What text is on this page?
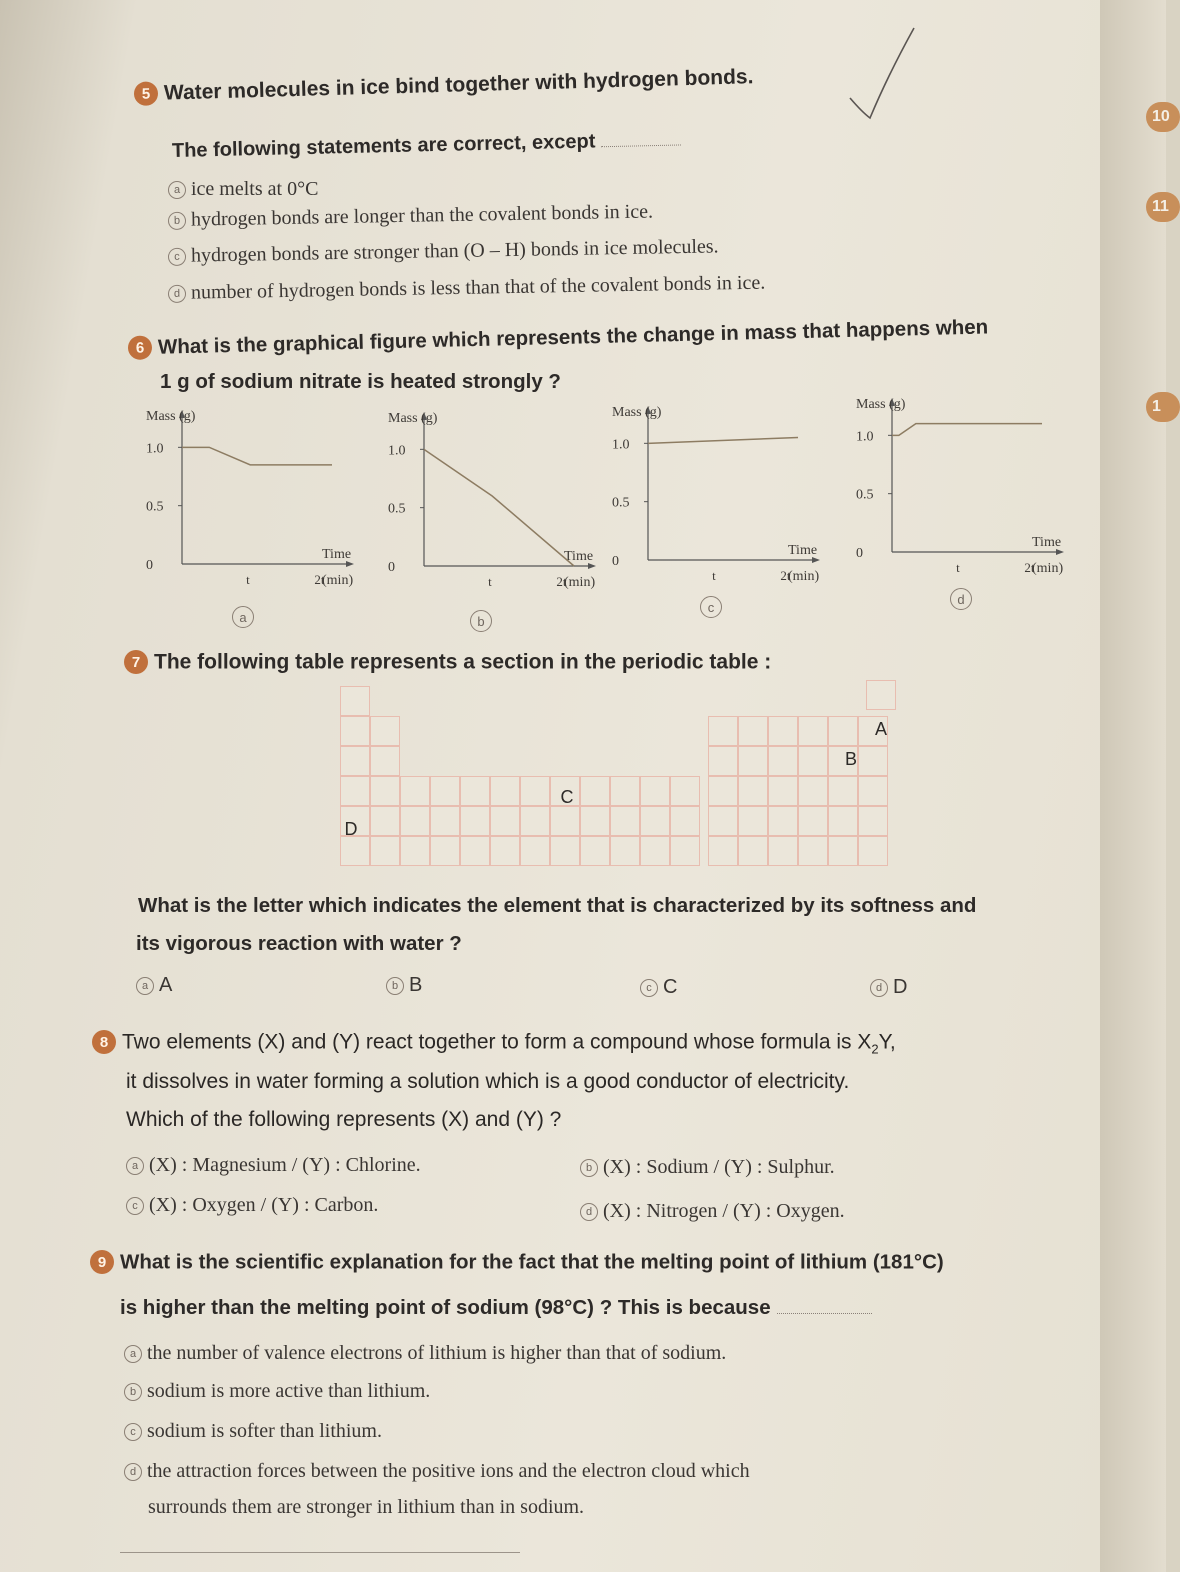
10
11
1
5 Water molecules in ice bind together with hydrogen bonds.
The following statements are correct, except
a ice melts at 0°C
b hydrogen bonds are longer than the covalent bonds in ice.
c hydrogen bonds are stronger than (O – H) bonds in ice molecules.
d number of hydrogen bonds is less than that of the covalent bonds in ice.
6 What is the graphical figure which represents the change in mass that happens when
1 g of sodium nitrate is heated strongly ?
Mass (g)
1.0
0.5
0
t	2t
Time
(min)
a
Mass (g)
1.0
0.5
0
t	2t
Time
(min)
b
Mass (g)
1.0
0.5
0
t	2t
Time
(min)
c
Mass (g)
1.0
0.5
0
t	2t
Time
(min)
d
7 The following table represents a section in the periodic table :
A
B
C
D
What is the letter which indicates the element that is characterized by its softness and
its vigorous reaction with water ?
a A	b B	c C	d D
8 Two elements (X) and (Y) react together to form a compound whose formula is $X_2Y$,
it dissolves in water forming a solution which is a good conductor of electricity.
Which of the following represents (X) and (Y) ?
a (X) : Magnesium / (Y) : Chlorine.	b (X) : Sodium / (Y) : Sulphur.
c (X) : Oxygen / (Y) : Carbon.	d (X) : Nitrogen / (Y) : Oxygen.
9 What is the scientific explanation for the fact that the melting point of lithium (181°C)
is higher than the melting point of sodium (98°C) ? This is because
a the number of valence electrons of lithium is higher than that of sodium.
b sodium is more active than lithium.
c sodium is softer than lithium.
d the attraction forces between the positive ions and the electron cloud which
surrounds them are stronger in lithium than in sodium.
